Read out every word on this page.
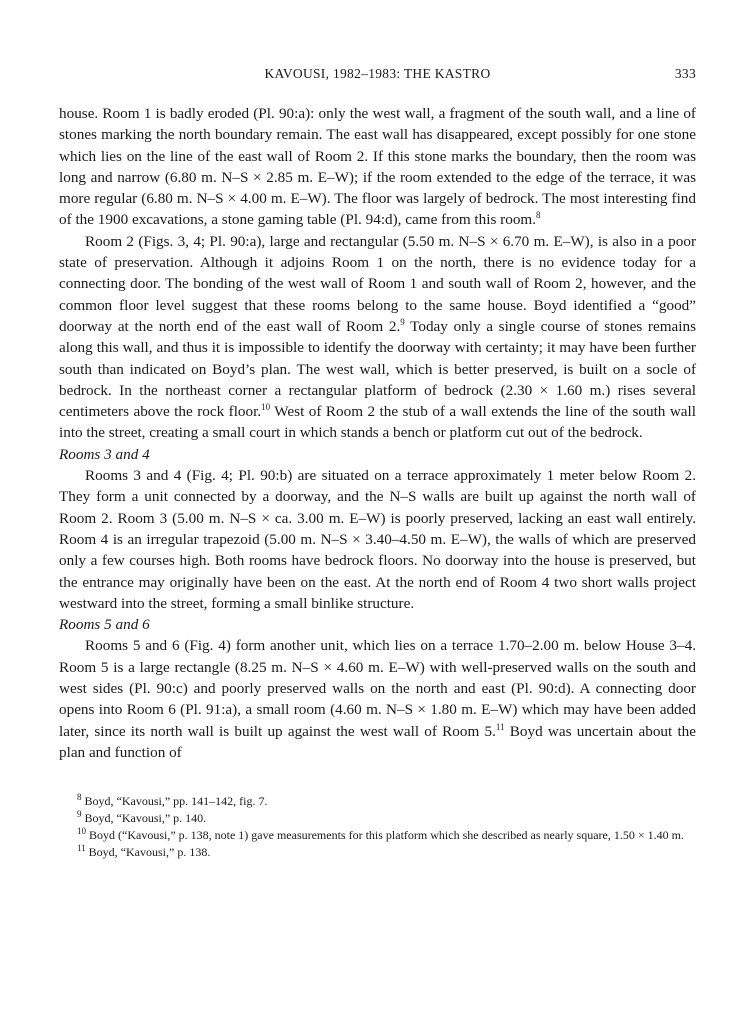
KAVOUSI, 1982–1983: THE KASTRO	333

house. Room 1 is badly eroded (Pl. 90:a): only the west wall, a fragment of the south wall, and a line of stones marking the north boundary remain. The east wall has disappeared, except possibly for one stone which lies on the line of the east wall of Room 2. If this stone marks the boundary, then the room was long and narrow (6.80 m. N–S × 2.85 m. E–W); if the room extended to the edge of the terrace, it was more regular (6.80 m. N–S × 4.00 m. E–W). The floor was largely of bedrock. The most interesting find of the 1900 excavations, a stone gaming table (Pl. 94:d), came from this room.$^8$

Room 2 (Figs. 3, 4; Pl. 90:a), large and rectangular (5.50 m. N–S × 6.70 m. E–W), is also in a poor state of preservation. Although it adjoins Room 1 on the north, there is no evidence today for a connecting door. The bonding of the west wall of Room 1 and south wall of Room 2, however, and the common floor level suggest that these rooms belong to the same house. Boyd identified a “good” doorway at the north end of the east wall of Room 2.$^9$ Today only a single course of stones remains along this wall, and thus it is impossible to identify the doorway with certainty; it may have been further south than indicated on Boyd’s plan. The west wall, which is better preserved, is built on a socle of bedrock. In the northeast corner a rectangular platform of bedrock (2.30 × 1.60 m.) rises several centimeters above the rock floor.$^{10}$ West of Room 2 the stub of a wall extends the line of the south wall into the street, creating a small court in which stands a bench or platform cut out of the bedrock.

Rooms 3 and 4

Rooms 3 and 4 (Fig. 4; Pl. 90:b) are situated on a terrace approximately 1 meter below Room 2. They form a unit connected by a doorway, and the N–S walls are built up against the north wall of Room 2. Room 3 (5.00 m. N–S × ca. 3.00 m. E–W) is poorly preserved, lacking an east wall entirely. Room 4 is an irregular trapezoid (5.00 m. N–S × 3.40–4.50 m. E–W), the walls of which are preserved only a few courses high. Both rooms have bedrock floors. No doorway into the house is preserved, but the entrance may originally have been on the east. At the north end of Room 4 two short walls project westward into the street, forming a small binlike structure.

Rooms 5 and 6

Rooms 5 and 6 (Fig. 4) form another unit, which lies on a terrace 1.70–2.00 m. below House 3–4. Room 5 is a large rectangle (8.25 m. N–S × 4.60 m. E–W) with well-preserved walls on the south and west sides (Pl. 90:c) and poorly preserved walls on the north and east (Pl. 90:d). A connecting door opens into Room 6 (Pl. 91:a), a small room (4.60 m. N–S × 1.80 m. E–W) which may have been added later, since its north wall is built up against the west wall of Room 5.11 Boyd was uncertain about the plan and function of

$^8$ Boyd, “Kavousi,” pp. 141–142, fig. 7.

$^9$ Boyd, “Kavousi,” p. 140.

$^{10}$ Boyd (“Kavousi,” p. 138, note 1) gave measurements for this platform which she described as nearly square, 1.50 × 1.40 m.

$^{11}$ Boyd, “Kavousi,” p. 138.
